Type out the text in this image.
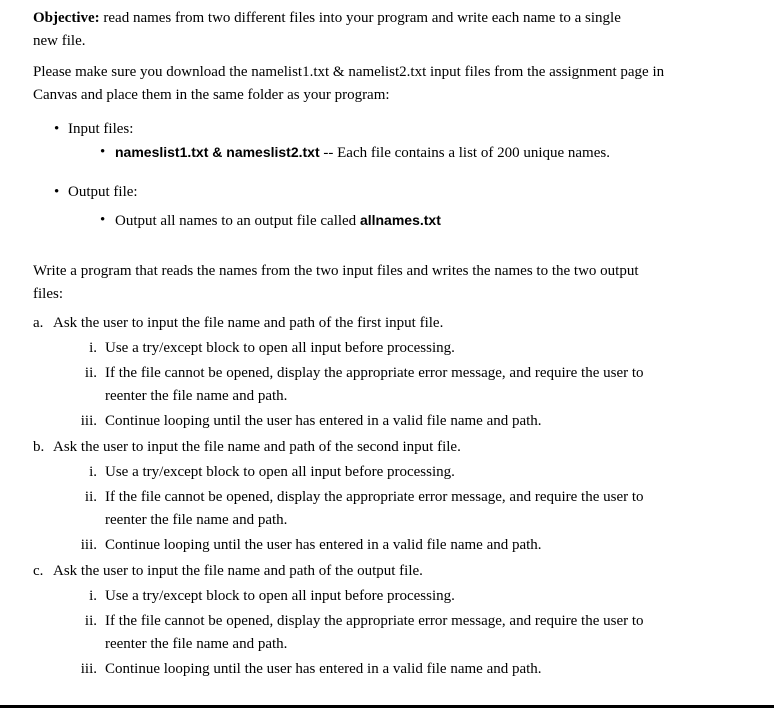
Objective: read names from two different files into your program and write each name to a single
new file.

Please make sure you download the namelist1.txt & namelist2.txt input files from the assignment page in
Canvas and place them in the same folder as your program:

• Input files:
• nameslist1.txt & nameslist2.txt -- Each file contains a list of 200 unique names.
• Output file:
• Output all names to an output file called allnames.txt

Write a program that reads the names from the two input files and writes the names to the two output
files:

a. Ask the user to input the file name and path of the first input file.
i. Use a try/except block to open all input before processing.
ii. If the file cannot be opened, display the appropriate error message, and require the user to
reenter the file name and path.
iii. Continue looping until the user has entered in a valid file name and path.
b. Ask the user to input the file name and path of the second input file.
i. Use a try/except block to open all input before processing.
ii. If the file cannot be opened, display the appropriate error message, and require the user to
reenter the file name and path.
iii. Continue looping until the user has entered in a valid file name and path.
c. Ask the user to input the file name and path of the output file.
i. Use a try/except block to open all input before processing.
ii. If the file cannot be opened, display the appropriate error message, and require the user to
reenter the file name and path.
iii. Continue looping until the user has entered in a valid file name and path.
